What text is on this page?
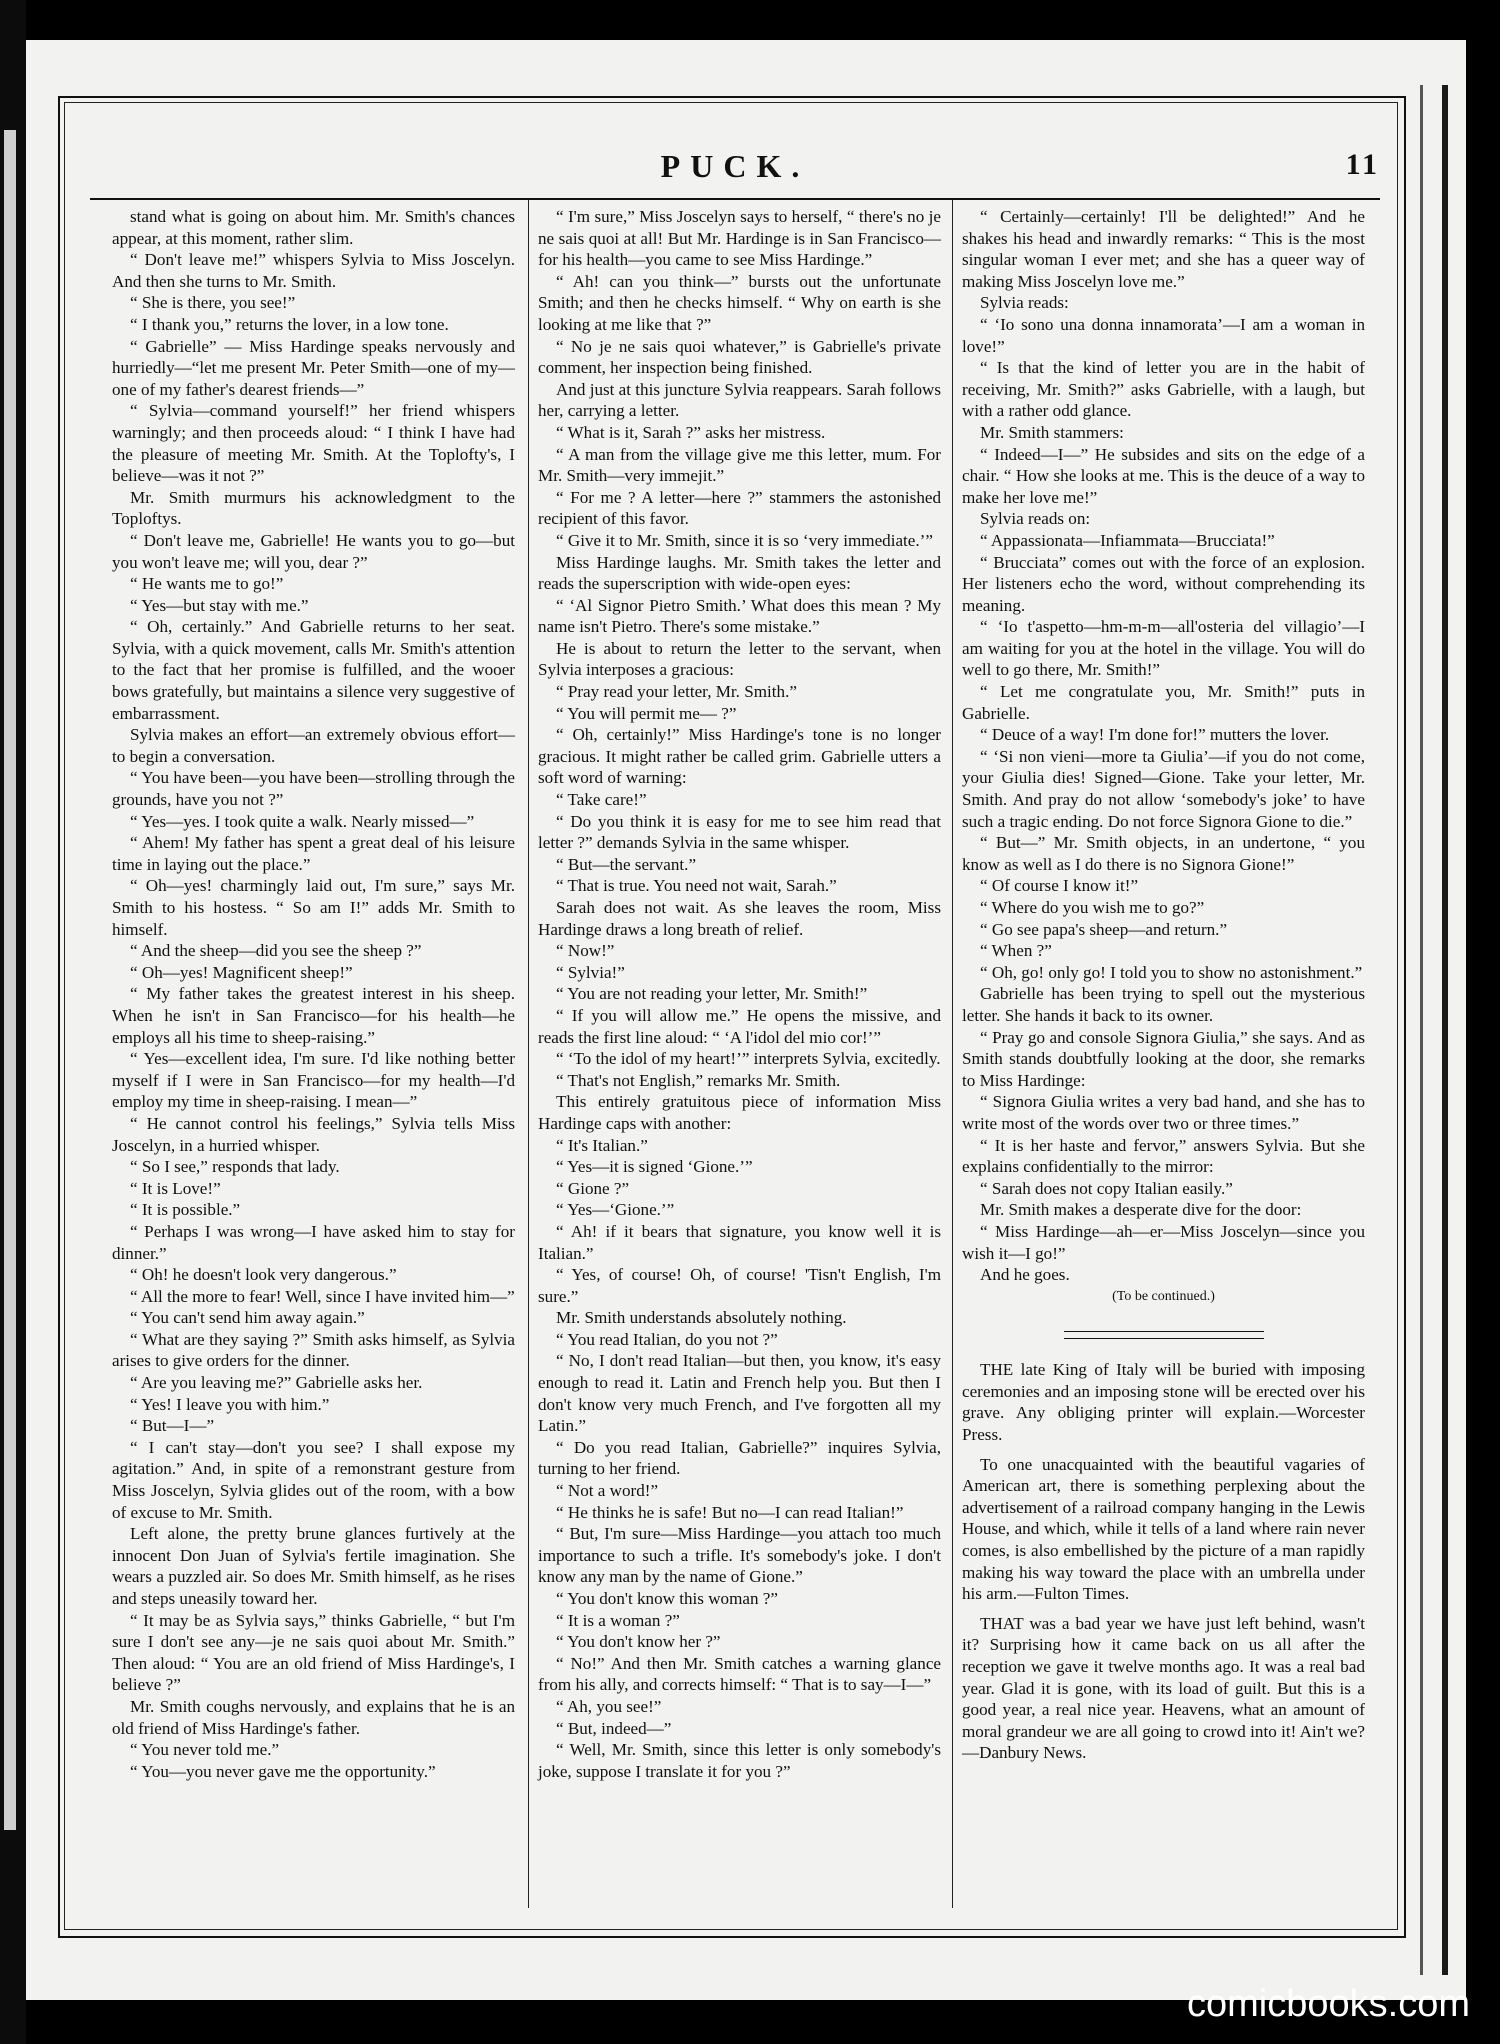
PUCK.	11

stand what is going on about him. Mr. Smith's chances appear, at this moment, rather slim.

“ Don't leave me!” whispers Sylvia to Miss Joscelyn. And then she turns to Mr. Smith.

“ She is there, you see!”

“ I thank you,” returns the lover, in a low tone.

“ Gabrielle” — Miss Hardinge speaks nervously and hurriedly—“let me present Mr. Peter Smith—one of my—one of my father's dearest friends—”

“ Sylvia—command yourself!” her friend whispers warningly; and then proceeds aloud: “ I think I have had the pleasure of meeting Mr. Smith. At the Toplofty's, I believe—was it not ?”

Mr. Smith murmurs his acknowledgment to the Toploftys.

“ Don't leave me, Gabrielle! He wants you to go—but you won't leave me; will you, dear ?”

“ He wants me to go!”

“ Yes—but stay with me.”

“ Oh, certainly.” And Gabrielle returns to her seat. Sylvia, with a quick movement, calls Mr. Smith's attention to the fact that her promise is fulfilled, and the wooer bows gratefully, but maintains a silence very suggestive of embarrassment.

Sylvia makes an effort—an extremely obvious effort—to begin a conversation.

“ You have been—you have been—strolling through the grounds, have you not ?”

“ Yes—yes. I took quite a walk. Nearly missed—”

“ Ahem! My father has spent a great deal of his leisure time in laying out the place.”

“ Oh—yes! charmingly laid out, I'm sure,” says Mr. Smith to his hostess. “ So am I!” adds Mr. Smith to himself.

“ And the sheep—did you see the sheep ?”

“ Oh—yes! Magnificent sheep!”

“ My father takes the greatest interest in his sheep. When he isn't in San Francisco—for his health—he employs all his time to sheep-raising.”

“ Yes—excellent idea, I'm sure. I'd like nothing better myself if I were in San Francisco—for my health—I'd employ my time in sheep-raising. I mean—”

“ He cannot control his feelings,” Sylvia tells Miss Joscelyn, in a hurried whisper.

“ So I see,” responds that lady.

“ It is Love!”

“ It is possible.”

“ Perhaps I was wrong—I have asked him to stay for dinner.”

“ Oh! he doesn't look very dangerous.”

“ All the more to fear! Well, since I have invited him—”

“ You can't send him away again.”

“ What are they saying ?” Smith asks himself, as Sylvia arises to give orders for the dinner.

“ Are you leaving me?” Gabrielle asks her.

“ Yes! I leave you with him.”

“ But—I—”

“ I can't stay—don't you see? I shall expose my agitation.” And, in spite of a remonstrant gesture from Miss Joscelyn, Sylvia glides out of the room, with a bow of excuse to Mr. Smith.

Left alone, the pretty brune glances furtively at the innocent Don Juan of Sylvia's fertile imagination. She wears a puzzled air. So does Mr. Smith himself, as he rises and steps uneasily toward her.

“ It may be as Sylvia says,” thinks Gabrielle, “ but I'm sure I don't see any—je ne sais quoi about Mr. Smith.” Then aloud: “ You are an old friend of Miss Hardinge's, I believe ?”

Mr. Smith coughs nervously, and explains that he is an old friend of Miss Hardinge's father.

“ You never told me.”

“ You—you never gave me the opportunity.”

“ I'm sure,” Miss Joscelyn says to herself, “ there's no je ne sais quoi at all! But Mr. Hardinge is in San Francisco—for his health—you came to see Miss Hardinge.”

“ Ah! can you think—” bursts out the unfortunate Smith; and then he checks himself. “ Why on earth is she looking at me like that ?”

“ No je ne sais quoi whatever,” is Gabrielle's private comment, her inspection being finished.

And just at this juncture Sylvia reappears. Sarah follows her, carrying a letter.

“ What is it, Sarah ?” asks her mistress.

“ A man from the village give me this letter, mum. For Mr. Smith—very immejit.”

“ For me ? A letter—here ?” stammers the astonished recipient of this favor.

“ Give it to Mr. Smith, since it is so ‘very immediate.’”

Miss Hardinge laughs. Mr. Smith takes the letter and reads the superscription with wide-open eyes:

“ ‘Al Signor Pietro Smith.’ What does this mean ? My name isn't Pietro. There's some mistake.”

He is about to return the letter to the servant, when Sylvia interposes a gracious:

“ Pray read your letter, Mr. Smith.”

“ You will permit me— ?”

“ Oh, certainly!” Miss Hardinge's tone is no longer gracious. It might rather be called grim. Gabrielle utters a soft word of warning:

“ Take care!”

“ Do you think it is easy for me to see him read that letter ?” demands Sylvia in the same whisper.

“ But—the servant.”

“ That is true. You need not wait, Sarah.”

Sarah does not wait. As she leaves the room, Miss Hardinge draws a long breath of relief.

“ Now!”

“ Sylvia!”

“ You are not reading your letter, Mr. Smith!”

“ If you will allow me.” He opens the missive, and reads the first line aloud: “ ‘A l'idol del mio cor!’”

“ ‘To the idol of my heart!’” interprets Sylvia, excitedly.

“ That's not English,” remarks Mr. Smith.

This entirely gratuitous piece of information Miss Hardinge caps with another:

“ It's Italian.”

“ Yes—it is signed ‘Gione.’”

“ Gione ?”

“ Yes—‘Gione.’”

“ Ah! if it bears that signature, you know well it is Italian.”

“ Yes, of course! Oh, of course! 'Tisn't English, I'm sure.”

Mr. Smith understands absolutely nothing.

“ You read Italian, do you not ?”

“ No, I don't read Italian—but then, you know, it's easy enough to read it. Latin and French help you. But then I don't know very much French, and I've forgotten all my Latin.”

“ Do you read Italian, Gabrielle?” inquires Sylvia, turning to her friend.

“ Not a word!”

“ He thinks he is safe! But no—I can read Italian!”

“ But, I'm sure—Miss Hardinge—you attach too much importance to such a trifle. It's somebody's joke. I don't know any man by the name of Gione.”

“ You don't know this woman ?”

“ It is a woman ?”

“ You don't know her ?”

“ No!” And then Mr. Smith catches a warning glance from his ally, and corrects himself: “ That is to say—I—”

“ Ah, you see!”

“ But, indeed—”

“ Well, Mr. Smith, since this letter is only somebody's joke, suppose I translate it for you ?”

“ Certainly—certainly! I'll be delighted!” And he shakes his head and inwardly remarks: “ This is the most singular woman I ever met; and she has a queer way of making Miss Joscelyn love me.”

Sylvia reads:

“ ‘Io sono una donna innamorata’—I am a woman in love!”

“ Is that the kind of letter you are in the habit of receiving, Mr. Smith?” asks Gabrielle, with a laugh, but with a rather odd glance.

Mr. Smith stammers:

“ Indeed—I—” He subsides and sits on the edge of a chair. “ How she looks at me. This is the deuce of a way to make her love me!”

Sylvia reads on:

“ Appassionata—Infiammata—Brucciata!”

“ Brucciata” comes out with the force of an explosion. Her listeners echo the word, without comprehending its meaning.

“ ‘Io t'aspetto—hm-m-m—all'osteria del villagio’—I am waiting for you at the hotel in the village. You will do well to go there, Mr. Smith!”

“ Let me congratulate you, Mr. Smith!” puts in Gabrielle.

“ Deuce of a way! I'm done for!” mutters the lover.

“ ‘Si non vieni—more ta Giulia’—if you do not come, your Giulia dies! Signed—Gione. Take your letter, Mr. Smith. And pray do not allow ‘somebody's joke’ to have such a tragic ending. Do not force Signora Gione to die.”

“ But—” Mr. Smith objects, in an undertone, “ you know as well as I do there is no Signora Gione!”

“ Of course I know it!”

“ Where do you wish me to go?”

“ Go see papa's sheep—and return.”

“ When ?”

“ Oh, go! only go! I told you to show no astonishment.”

Gabrielle has been trying to spell out the mysterious letter. She hands it back to its owner.

“ Pray go and console Signora Giulia,” she says. And as Smith stands doubtfully looking at the door, she remarks to Miss Hardinge:

“ Signora Giulia writes a very bad hand, and she has to write most of the words over two or three times.”

“ It is her haste and fervor,” answers Sylvia. But she explains confidentially to the mirror:

“ Sarah does not copy Italian easily.”

Mr. Smith makes a desperate dive for the door:

“ Miss Hardinge—ah—er—Miss Joscelyn—since you wish it—I go!”

And he goes.

(To be continued.)

THE late King of Italy will be buried with imposing ceremonies and an imposing stone will be erected over his grave. Any obliging printer will explain.—Worcester Press.

To one unacquainted with the beautiful vagaries of American art, there is something perplexing about the advertisement of a railroad company hanging in the Lewis House, and which, while it tells of a land where rain never comes, is also embellished by the picture of a man rapidly making his way toward the place with an umbrella under his arm.—Fulton Times.

THAT was a bad year we have just left behind, wasn't it? Surprising how it came back on us all after the reception we gave it twelve months ago. It was a real bad year. Glad it is gone, with its load of guilt. But this is a good year, a real nice year. Heavens, what an amount of moral grandeur we are all going to crowd into it! Ain't we?—Danbury News.

comicbooks.com
